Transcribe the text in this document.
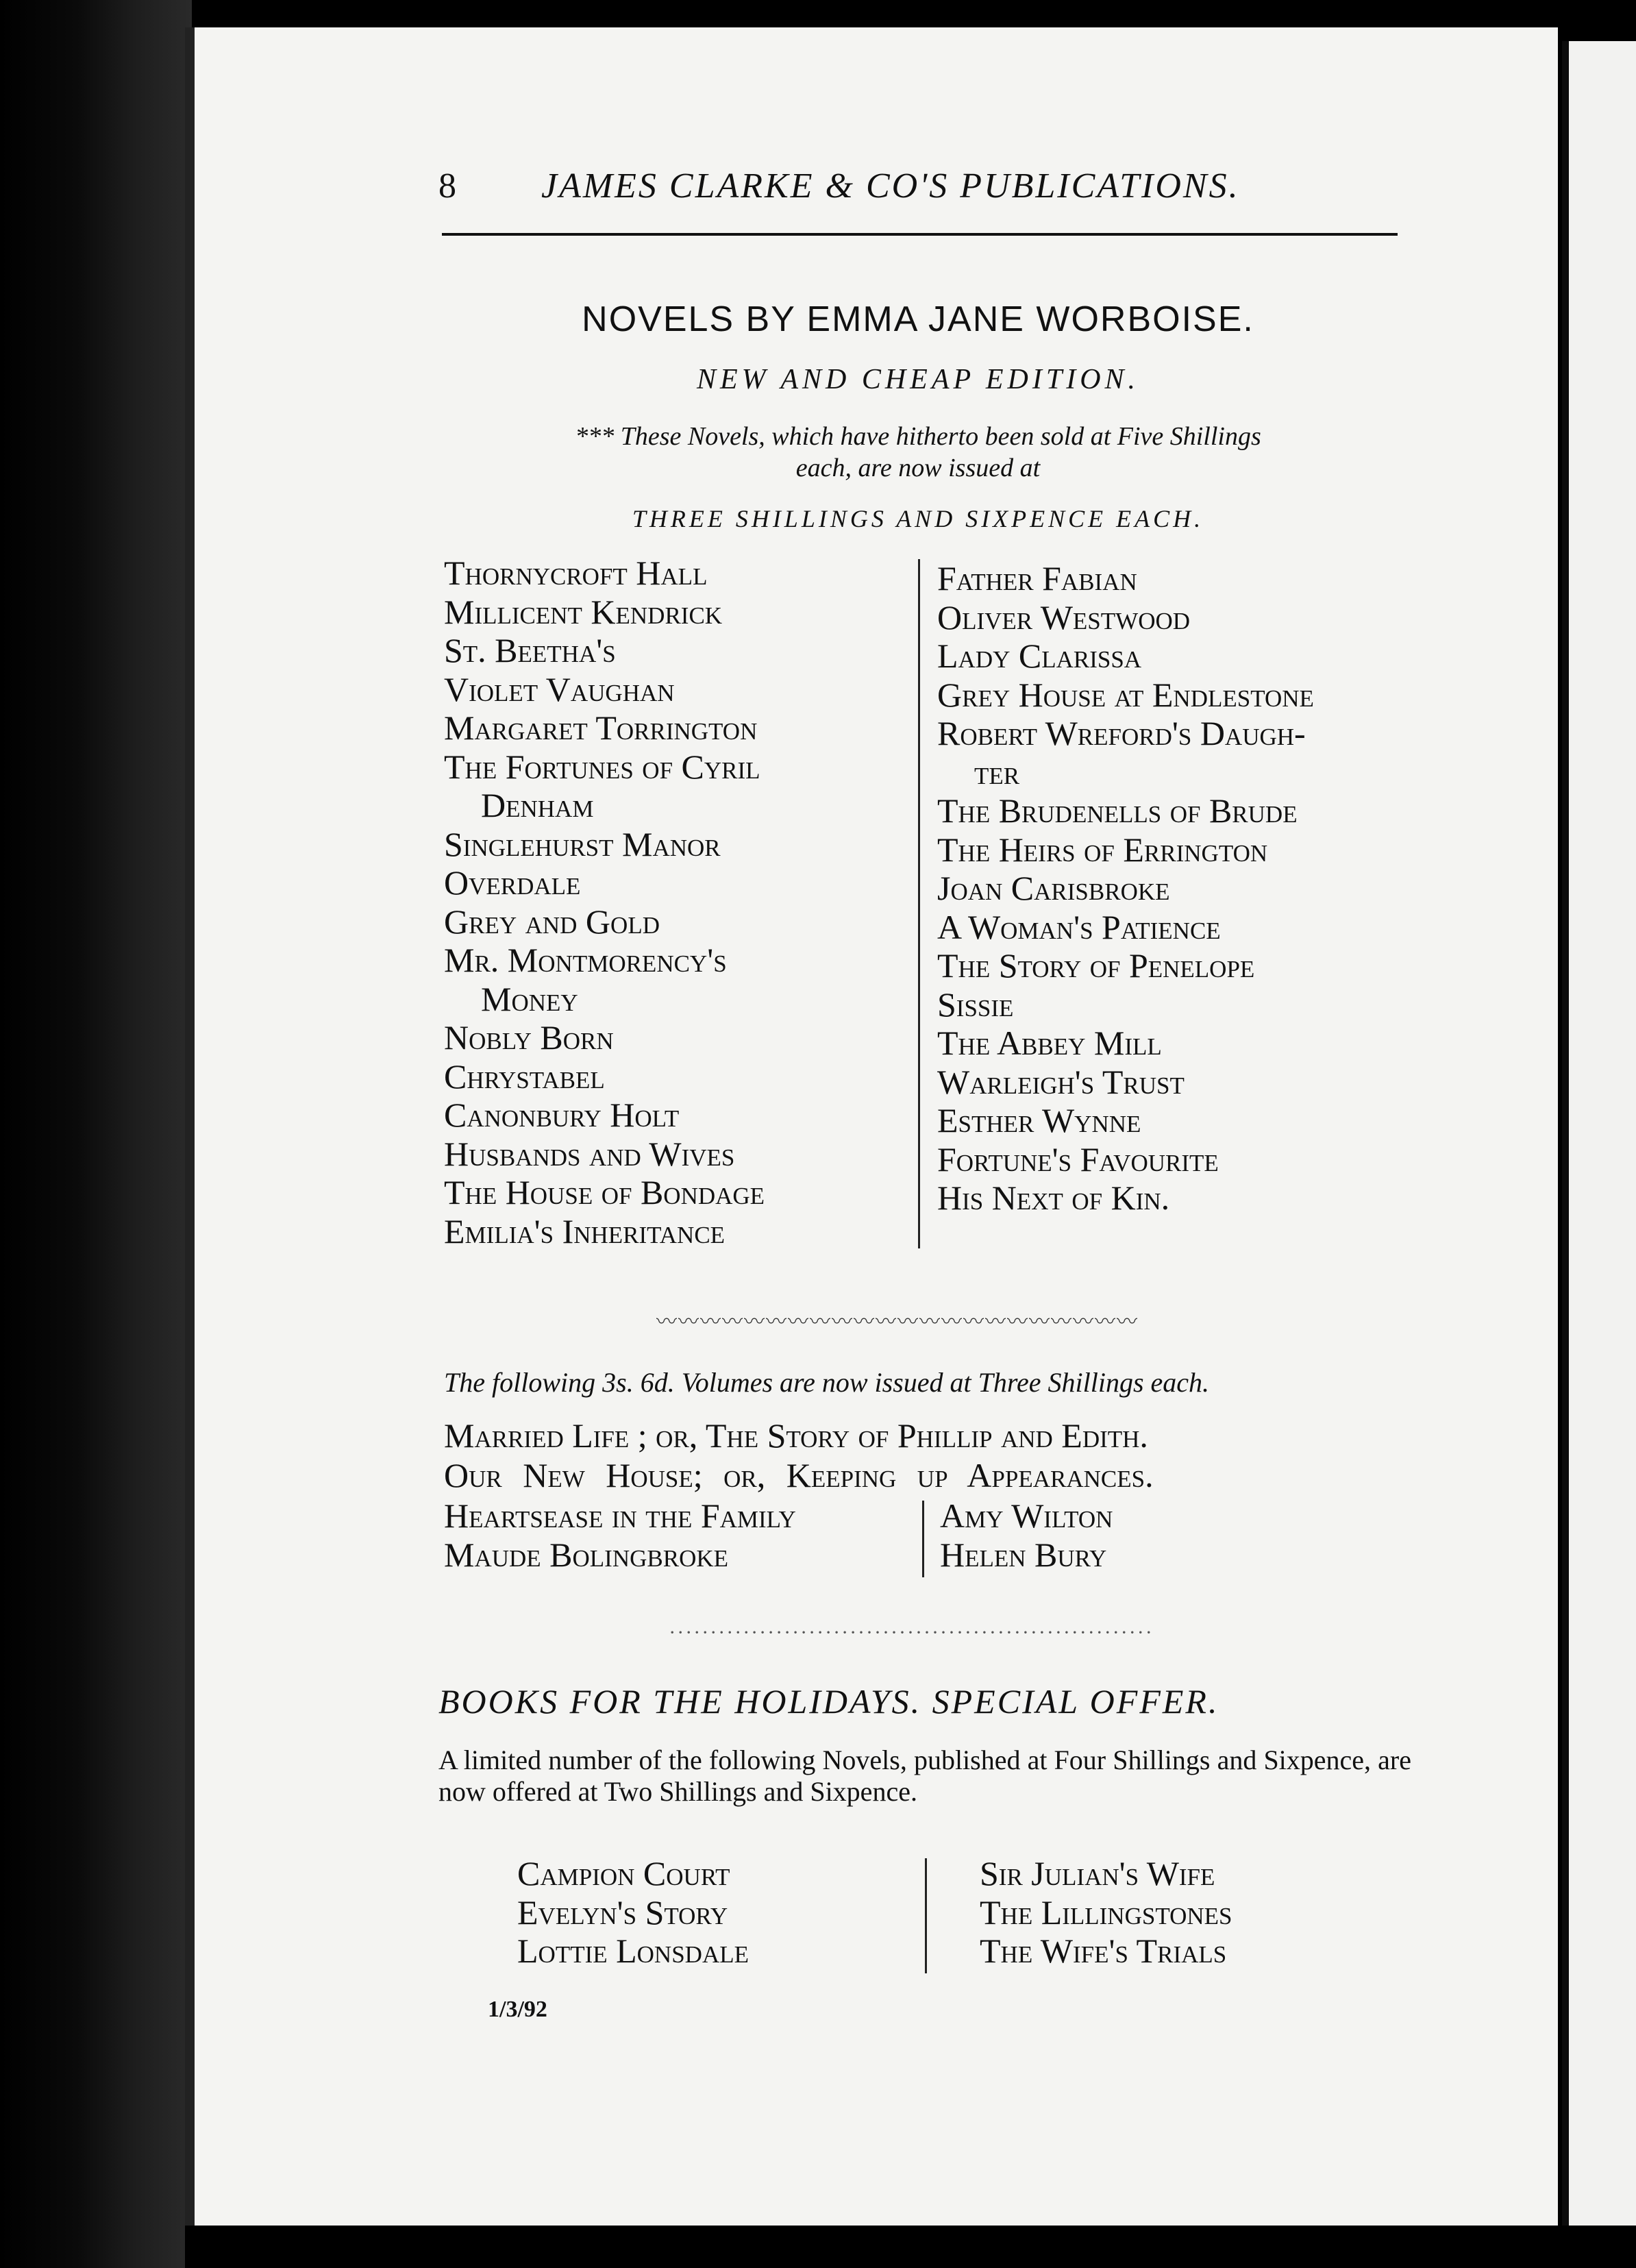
8 JAMES CLARKE & CO'S PUBLICATIONS.
NOVELS BY EMMA JANE WORBOISE.
NEW AND CHEAP EDITION.
*** These Novels, which have hitherto been sold at Five Shillings
each, are now issued at
THREE SHILLINGS AND SIXPENCE EACH.
Thornycroft Hall
Millicent Kendrick
St. Beetha's
Violet Vaughan
Margaret Torrington
The Fortunes of Cyril
Denham
Singlehurst Manor
Overdale
Grey and Gold
Mr. Montmorency's
Money
Nobly Born
Chrystabel
Canonbury Holt
Husbands and Wives
The House of Bondage
Emilia's Inheritance
Father Fabian
Oliver Westwood
Lady Clarissa
Grey House at Endlestone
Robert Wreford's Daugh-
ter
The Brudenells of Brude
The Heirs of Errington
Joan Carisbroke
A Woman's Patience
The Story of Penelope
Sissie
The Abbey Mill
Warleigh's Trust
Esther Wynne
Fortune's Favourite
His Next of Kin.
〰〰〰〰〰〰〰〰〰〰〰〰〰〰〰〰〰〰〰〰〰〰
The following 3s. 6d. Volumes are now issued at Three Shillings each.
Married Life ; or, The Story of Phillip and Edith.
Our New House; or, Keeping up Appearances.
Heartsease in the Family
Maude Bolingbroke
Amy Wilton
Helen Bury
···························································
BOOKS FOR THE HOLIDAYS. SPECIAL OFFER.
A limited number of the following Novels, published at Four Shillings and Sixpence, are now offered at Two Shillings and Sixpence.
Campion Court
Evelyn's Story
Lottie Lonsdale
Sir Julian's Wife
The Lillingstones
The Wife's Trials
1/3/92
